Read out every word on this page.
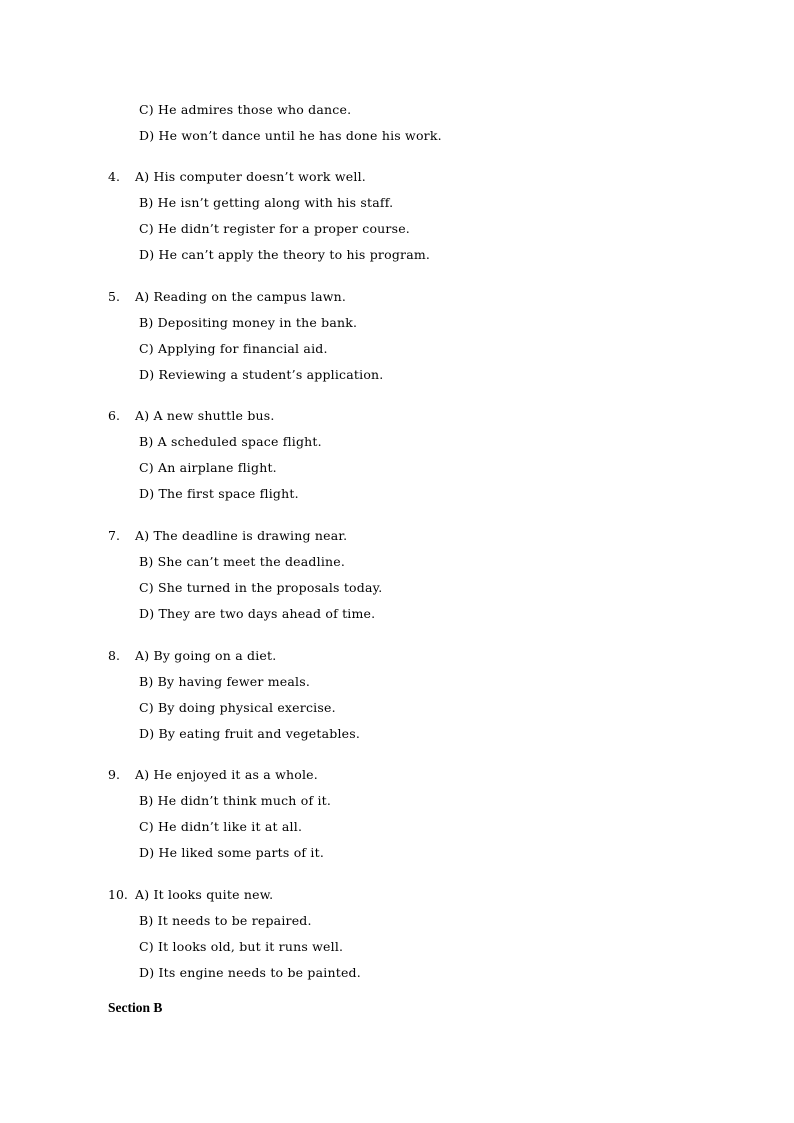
C) He admires those who dance.
D) He won’t dance until he has done his work.
4. A) His computer doesn’t work well.
B) He isn’t getting along with his staff.
C) He didn’t register for a proper course.
D) He can’t apply the theory to his program.
5. A) Reading on the campus lawn.
B) Depositing money in the bank.
C) Applying for financial aid.
D) Reviewing a student’s application.
6. A) A new shuttle bus.
B) A scheduled space flight.
C) An airplane flight.
D) The first space flight.
7. A) The deadline is drawing near.
B) She can’t meet the deadline.
C) She turned in the proposals today.
D) They are two days ahead of time.
8. A) By going on a diet.
B) By having fewer meals.
C) By doing physical exercise.
D) By eating fruit and vegetables.
9. A) He enjoyed it as a whole.
B) He didn’t think much of it.
C) He didn’t like it at all.
D) He liked some parts of it.
10. A) It looks quite new.
B) It needs to be repaired.
C) It looks old, but it runs well.
D) Its engine needs to be painted.
Section B
